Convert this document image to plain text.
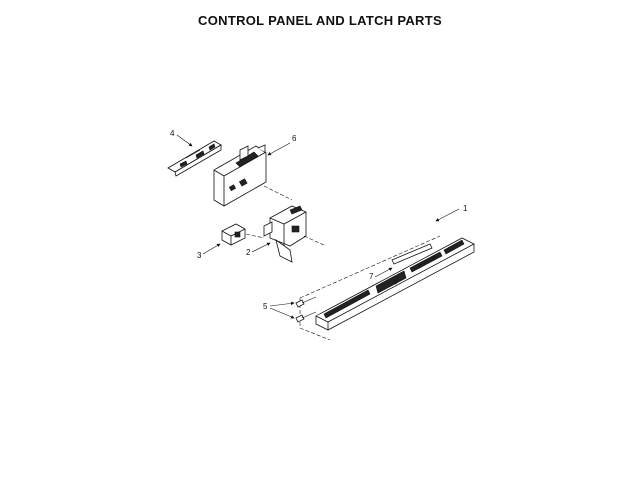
CONTROL PANEL AND LATCH PARTS
1
2
3
4
5
6
7
